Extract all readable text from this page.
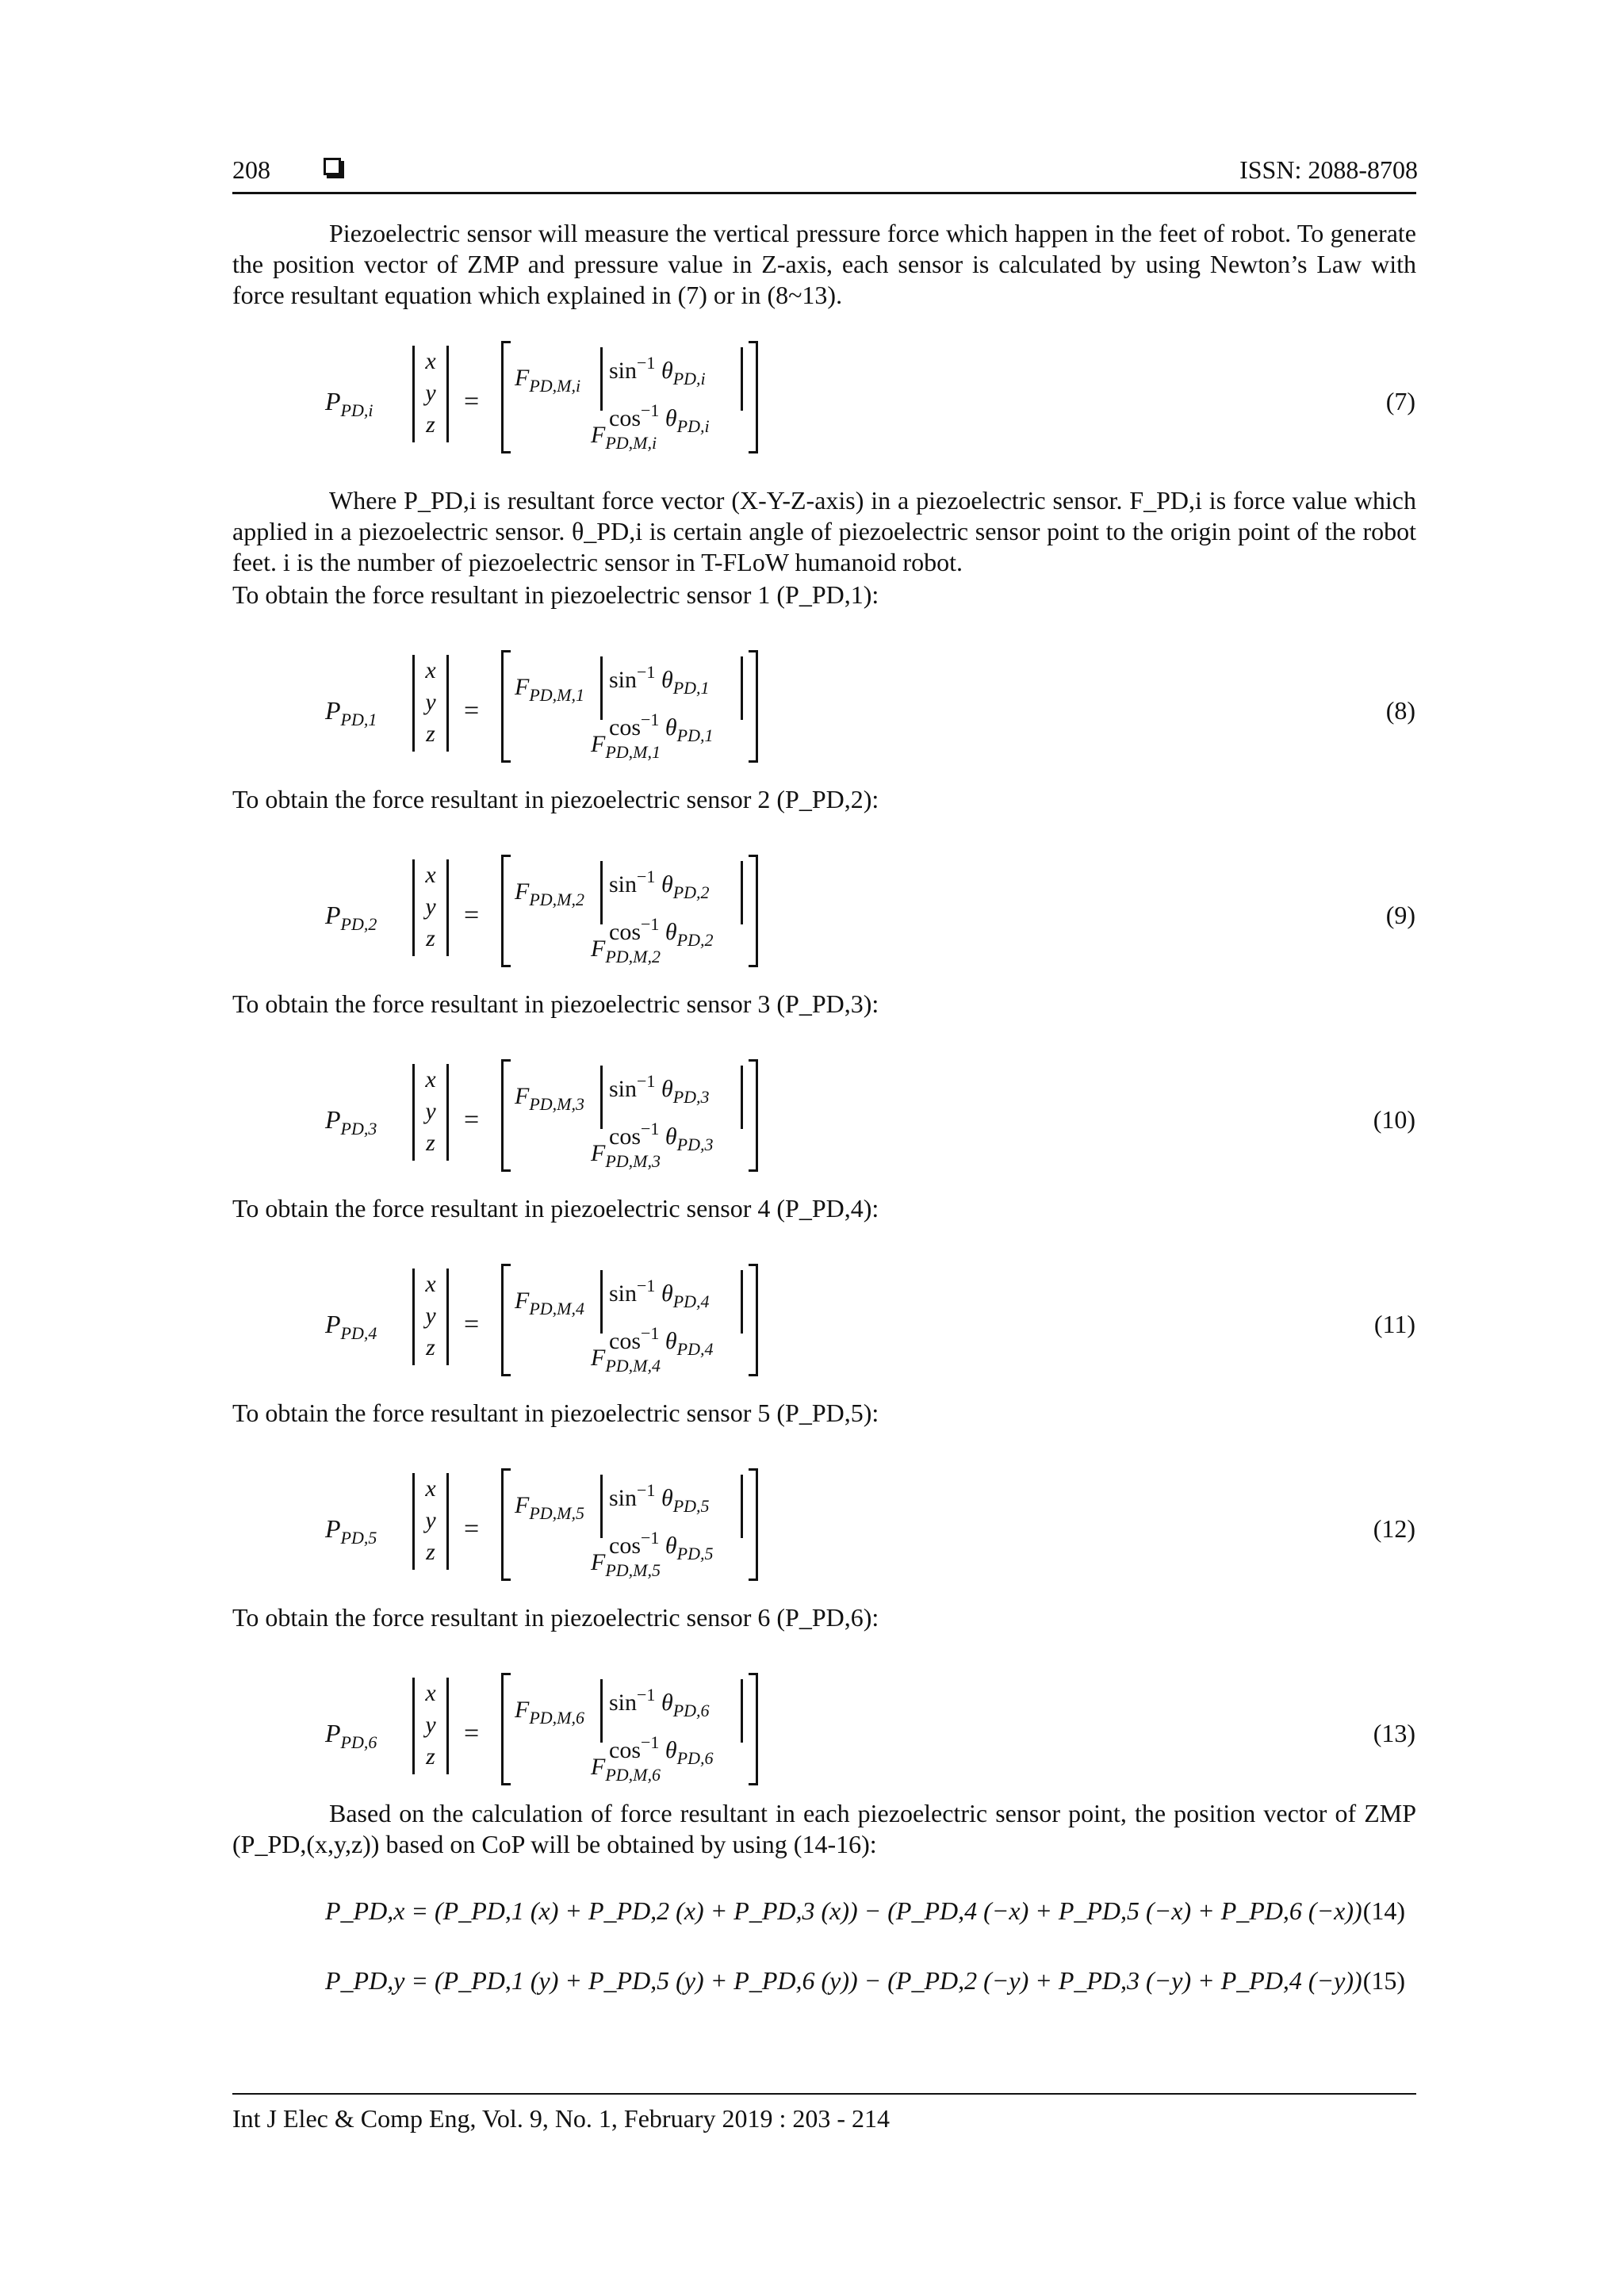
208	ISSN: 2088-8708

Piezoelectric sensor will measure the vertical pressure force which happen in the feet of robot. To generate the position vector of ZMP and pressure value in Z-axis, each sensor is calculated by using Newton’s Law with force resultant equation which explained in (7) or in (8~13).

$P_{PD,i}$
x
y
z
=
$F_{PD,M,i}$
$\sin^{-1} \theta_{PD,i}$
$\cos^{-1} \theta_{PD,i}$
$F_{PD,M,i}$
(7)

To obtain the force resultant in piezoelectric sensor 1 (P_PD,1):

$P_{PD,1}$
x
y
z
=
$F_{PD,M,1}$
$\sin^{-1} \theta_{PD,1}$
$\cos^{-1} \theta_{PD,1}$
$F_{PD,M,1}$
(8)

To obtain the force resultant in piezoelectric sensor 2 (P_PD,2):

$P_{PD,2}$
x
y
z
=
$F_{PD,M,2}$
$\sin^{-1} \theta_{PD,2}$
$\cos^{-1} \theta_{PD,2}$
$F_{PD,M,2}$
(9)

To obtain the force resultant in piezoelectric sensor 3 (P_PD,3):

$P_{PD,3}$
x
y
z
=
$F_{PD,M,3}$
$\sin^{-1} \theta_{PD,3}$
$\cos^{-1} \theta_{PD,3}$
$F_{PD,M,3}$
(10)

To obtain the force resultant in piezoelectric sensor 4 (P_PD,4):

$P_{PD,4}$
x
y
z
=
$F_{PD,M,4}$
$\sin^{-1} \theta_{PD,4}$
$\cos^{-1} \theta_{PD,4}$
$F_{PD,M,4}$
(11)

To obtain the force resultant in piezoelectric sensor 5 (P_PD,5):

$P_{PD,5}$
x
y
z
=
$F_{PD,M,5}$
$\sin^{-1} \theta_{PD,5}$
$\cos^{-1} \theta_{PD,5}$
$F_{PD,M,5}$
(12)

To obtain the force resultant in piezoelectric sensor 6 (P_PD,6):

$P_{PD,6}$
x
y
z
=
$F_{PD,M,6}$
$\sin^{-1} \theta_{PD,6}$
$\cos^{-1} \theta_{PD,6}$
$F_{PD,M,6}$
(13)

Where P_PD,i is resultant force vector (X-Y-Z-axis) in a piezoelectric sensor. F_PD,i is force value which applied in a piezoelectric sensor. θ_PD,i is certain angle of piezoelectric sensor point to the origin point of the robot feet. i is the number of piezoelectric sensor in T-FLoW humanoid robot.

Based on the calculation of force resultant in each piezoelectric sensor point, the position vector of ZMP (P_PD,(x,y,z)) based on CoP will be obtained by using (14-16):

P_PD,x = (P_PD,1 (x) + P_PD,2 (x) + P_PD,3 (x)) − (P_PD,4 (−x) + P_PD,5 (−x) + P_PD,6 (−x)) (14)
P_PD,y = (P_PD,1 (y) + P_PD,5 (y) + P_PD,6 (y)) − (P_PD,2 (−y) + P_PD,3 (−y) + P_PD,4 (−y)) (15)
Int J Elec & Comp Eng, Vol. 9, No. 1, February 2019 : 203 - 214
